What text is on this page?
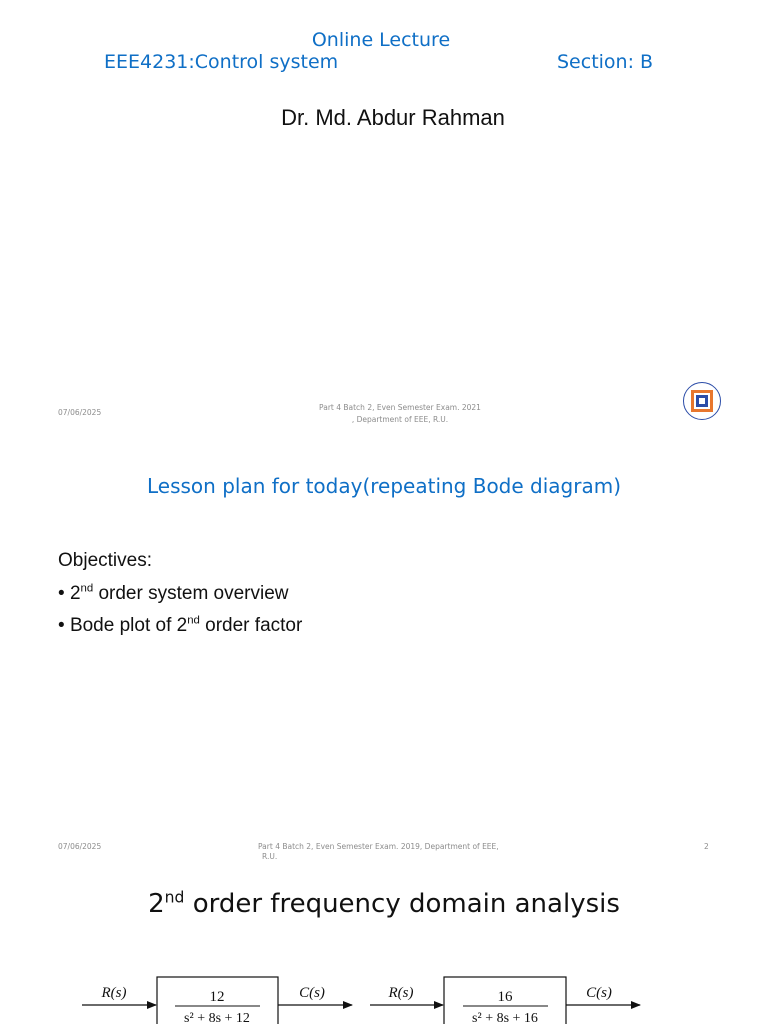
Online Lecture
EEE4231:Control system	Section: B
Dr. Md. Abdur Rahman
07/06/2025
Part 4 Batch 2, Even Semester Exam. 2021
, Department of EEE, R.U.
Lesson plan for today(repeating Bode diagram)
Objectives:
• 2nd order system overview
• Bode plot of 2nd order factor
07/06/2025	Part 4 Batch 2, Even Semester Exam. 2019, Department of EEE,
R.U.
2
2nd order frequency domain analysis
R(s)	12
s² + 8s + 12
C(s)	R(s)	16
s² + 8s + 16
C(s)
